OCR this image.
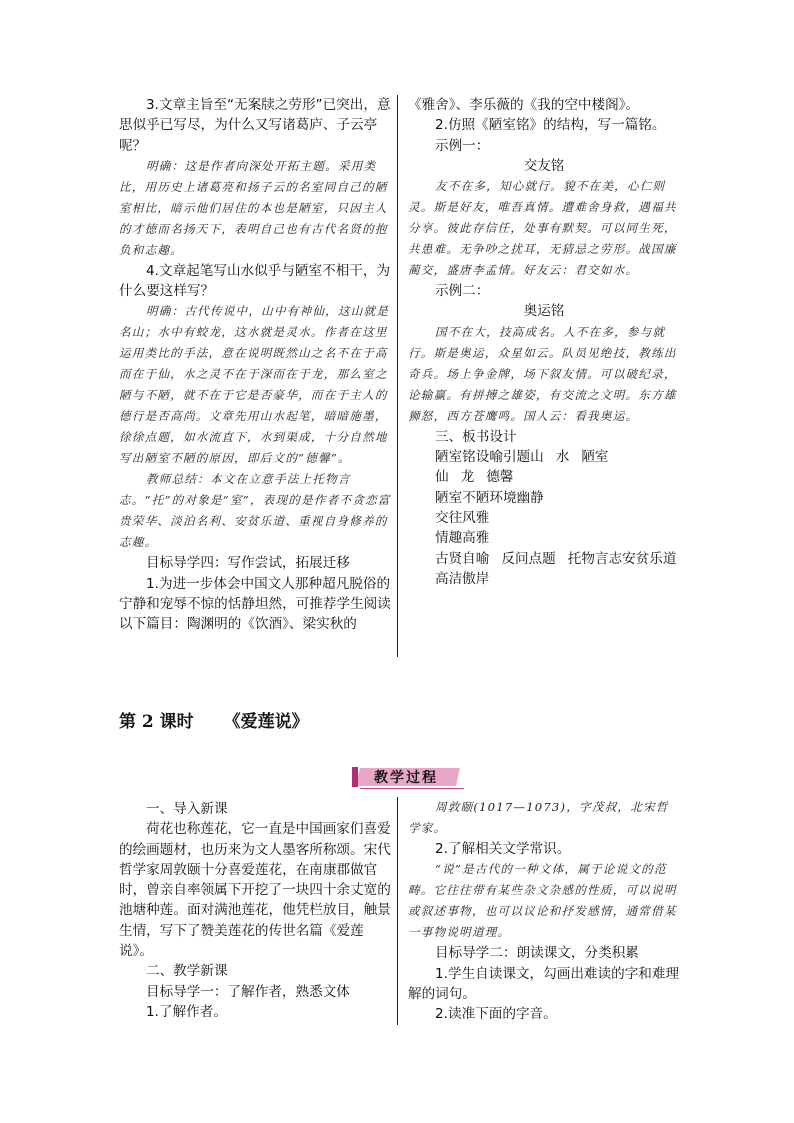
3.文章主旨至“无案牍之劳形”已突出，意思似乎已写尽，为什么又写诸葛庐、子云亭呢？

明确：这是作者向深处开拓主题。采用类比，用历史上诸葛亮和扬子云的名室同自己的陋室相比，暗示他们居住的本也是陋室，只因主人的才德而名扬天下，表明自己也有古代名贤的抱负和志趣。

4.文章起笔写山水似乎与陋室不相干，为什么要这样写？

明确：古代传说中，山中有神仙，这山就是名山；水中有蛟龙，这水就是灵水。作者在这里运用类比的手法，意在说明既然山之名不在于高而在于仙，水之灵不在于深而在于龙，那么室之陋与不陋，就不在于它是否豪华，而在于主人的德行是否高尚。文章先用山水起笔，暗暗施墨，徐徐点题，如水流直下，水到渠成，十分自然地写出陋室不陋的原因，即后文的“德馨”。

教师总结：本文在立意手法上托物言志。“托”的对象是“室”，表现的是作者不贪恋富贵荣华、淡泊名利、安贫乐道、重视自身修养的志趣。

目标导学四：写作尝试，拓展迁移

1.为进一步体会中国文人那种超凡脱俗的宁静和宠辱不惊的恬静坦然，可推荐学生阅读以下篇目：陶渊明的《饮酒》、梁实秋的

《雅舍》、李乐薇的《我的空中楼阁》。

2.仿照《陋室铭》的结构，写一篇铭。

示例一：

交友铭

友不在多，知心就行。貌不在美，心仁则灵。斯是好友，唯吾真情。遭难舍身救，遇福共分享。彼此存信任，处事有默契。可以同生死，共患难。无争吵之扰耳，无猜忌之劳形。战国廉蔺交，盛唐李孟情。好友云：君交如水。

示例二：

奥运铭

国不在大，技高成名。人不在多，参与就行。斯是奥运，众星如云。队员见绝技，教练出奇兵。场上争金牌，场下叙友情。可以破纪录，论输赢。有拼搏之雄姿，有交流之文明。东方雄狮怒，西方苍鹰鸣。国人云：看我奥运。

三、板书设计

陋室铭设喻引题山 水 陋室

仙 龙 德馨

陋室不陋环境幽静

交往风雅

情趣高雅

古贤自喻 反问点题 托物言志安贫乐道

高洁傲岸

第 2 课时 《爱莲说》
教学过程

一、导入新课

荷花也称莲花，它一直是中国画家们喜爱的绘画题材，也历来为文人墨客所称颂。宋代哲学家周敦颐十分喜爱莲花，在南康郡做官时，曾亲自率领属下开挖了一块四十余丈宽的池塘种莲。面对满池莲花，他凭栏放目，触景生情，写下了赞美莲花的传世名篇《爱莲说》。

二、教学新课

目标导学一：了解作者，熟悉文体

1.了解作者。

周敦颐(1017—1073)，字茂叔，北宋哲学家。

2.了解相关文学常识。

“说”是古代的一种文体，属于论说文的范畴。它往往带有某些杂文杂感的性质，可以说明或叙述事物，也可以议论和抒发感情，通常借某一事物说明道理。

目标导学二：朗读课文，分类积累

1.学生自读课文，勾画出难读的字和难理解的词句。

2.读准下面的字音。
